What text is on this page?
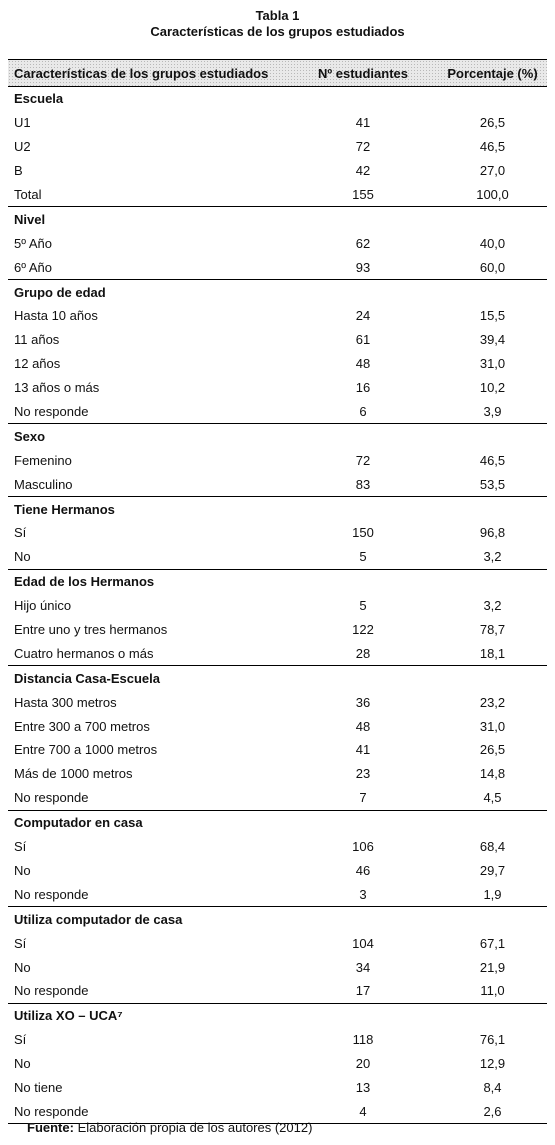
Tabla 1
Características de los grupos estudiados
Características de los grupos estudiados	Nº estudiantes	Porcentaje (%)
Escuela
U1	41	26,5
U2	72	46,5
B	42	27,0
Total	155	100,0
Nivel
5º Año	62	40,0
6º Año	93	60,0
Grupo de edad
Hasta 10 años	24	15,5
11 años	61	39,4
12 años	48	31,0
13 años o más	16	10,2
No responde	6	3,9
Sexo
Femenino	72	46,5
Masculino	83	53,5
Tiene Hermanos
Sí	150	96,8
No	5	3,2
Edad de los Hermanos
Hijo único	5	3,2
Entre uno y tres hermanos	122	78,7
Cuatro hermanos o más	28	18,1
Distancia Casa-Escuela
Hasta 300 metros	36	23,2
Entre 300 a 700 metros	48	31,0
Entre 700 a 1000 metros	41	26,5
Más de 1000 metros	23	14,8
No responde	7	4,5
Computador en casa
Sí	106	68,4
No	46	29,7
No responde	3	1,9
Utiliza computador de casa
Sí	104	67,1
No	34	21,9
No responde	17	11,0
Utiliza XO – UCA⁷
Sí	118	76,1
No	20	12,9
No tiene	13	8,4
No responde	4	2,6
Fuente: Elaboración propia de los autores (2012)
